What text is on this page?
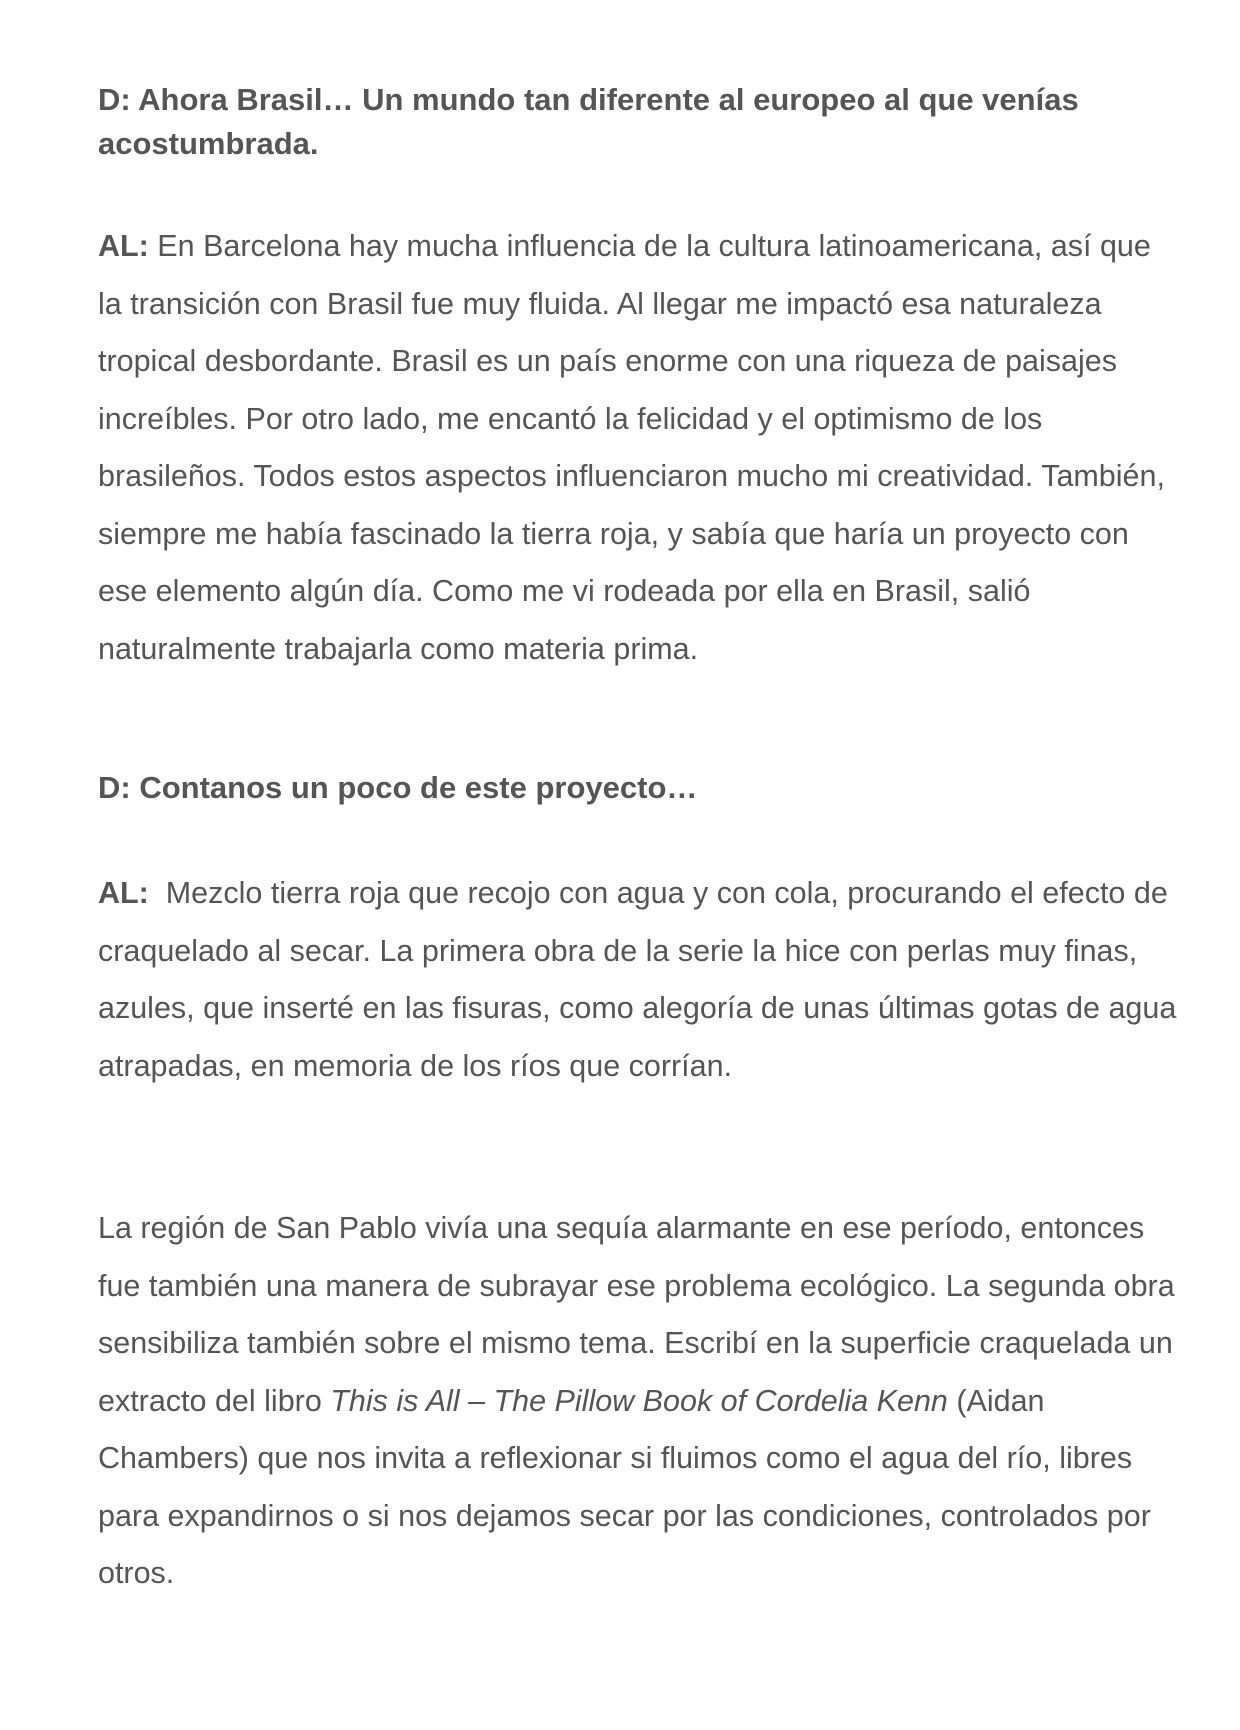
D: Ahora Brasil… Un mundo tan diferente al europeo al que venías acostumbrada.

AL: En Barcelona hay mucha influencia de la cultura latinoamericana, así que la transición con Brasil fue muy fluida. Al llegar me impactó esa naturaleza tropical desbordante. Brasil es un país enorme con una riqueza de paisajes increíbles. Por otro lado, me encantó la felicidad y el optimismo de los brasileños. Todos estos aspectos influenciaron mucho mi creatividad. También, siempre me había fascinado la tierra roja, y sabía que haría un proyecto con ese elemento algún día. Como me vi rodeada por ella en Brasil, salió naturalmente trabajarla como materia prima.

D: Contanos un poco de este proyecto…

AL:  Mezclo tierra roja que recojo con agua y con cola, procurando el efecto de craquelado al secar. La primera obra de la serie la hice con perlas muy finas, azules, que inserté en las fisuras, como alegoría de unas últimas gotas de agua atrapadas, en memoria de los ríos que corrían.

La región de San Pablo vivía una sequía alarmante en ese período, entonces fue también una manera de subrayar ese problema ecológico. La segunda obra sensibiliza también sobre el mismo tema. Escribí en la superficie craquelada un extracto del libro This is All – The Pillow Book of Cordelia Kenn (Aidan Chambers) que nos invita a reflexionar si fluimos como el agua del río, libres para expandirnos o si nos dejamos secar por las condiciones, controlados por otros.
